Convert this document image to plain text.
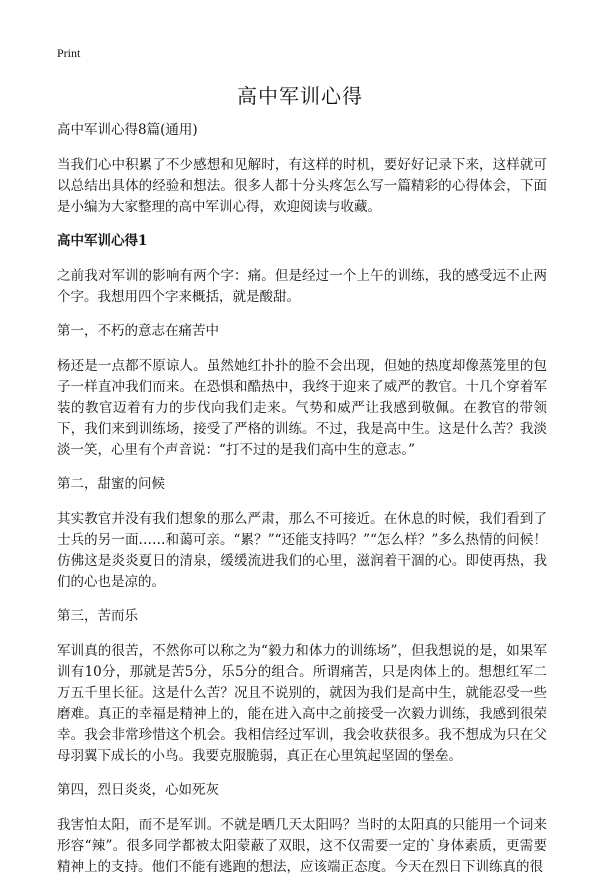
Print
高中军训心得

高中军训心得8篇(通用)

当我们心中积累了不少感想和见解时，有这样的时机，要好好记录下来，这样就可以总结出具体的经验和想法。很多人都十分头疼怎么写一篇精彩的心得体会，下面是小编为大家整理的高中军训心得，欢迎阅读与收藏。

高中军训心得1

之前我对军训的影响有两个字：痛。但是经过一个上午的训练，我的感受远不止两个字。我想用四个字来概括，就是酸甜。

第一，不朽的意志在痛苦中

杨还是一点都不原谅人。虽然她红扑扑的脸不会出现，但她的热度却像蒸笼里的包子一样直冲我们而来。在恐惧和酷热中，我终于迎来了威严的教官。十几个穿着军装的教官迈着有力的步伐向我们走来。气势和威严让我感到敬佩。在教官的带领下，我们来到训练场，接受了严格的训练。不过，我是高中生。这是什么苦？我淡淡一笑，心里有个声音说：“打不过的是我们高中生的意志。”

第二，甜蜜的问候

其实教官并没有我们想象的那么严肃，那么不可接近。在休息的时候，我们看到了士兵的另一面……和蔼可亲。“累？”“还能支持吗？”“怎么样？”多么热情的问候！仿佛这是炎炎夏日的清泉，缓缓流进我们的心里，滋润着干涸的心。即使再热，我们的心也是凉的。

第三，苦而乐

军训真的很苦，不然你可以称之为“毅力和体力的训练场”，但我想说的是，如果军训有10分，那就是苦5分，乐5分的组合。所谓痛苦，只是肉体上的。想想红军二万五千里长征。这是什么苦？况且不说别的，就因为我们是高中生，就能忍受一些磨难。真正的幸福是精神上的，能在进入高中之前接受一次毅力训练，我感到很荣幸。我会非常珍惜这个机会。我相信经过军训，我会收获很多。我不想成为只在父母羽翼下成长的小鸟。我要克服脆弱，真正在心里筑起坚固的堡垒。

第四，烈日炎炎，心如死灰

我害怕太阳，而不是军训。不就是晒几天太阳吗？当时的太阳真的只能用一个词来形容“辣”。很多同学都被太阳蒙蔽了双眼，这不仅需要一定的`身体素质，更需要精神上的支持。他们不能有逃跑的想法，应该端正态度。今天在烈日下训练真的很
